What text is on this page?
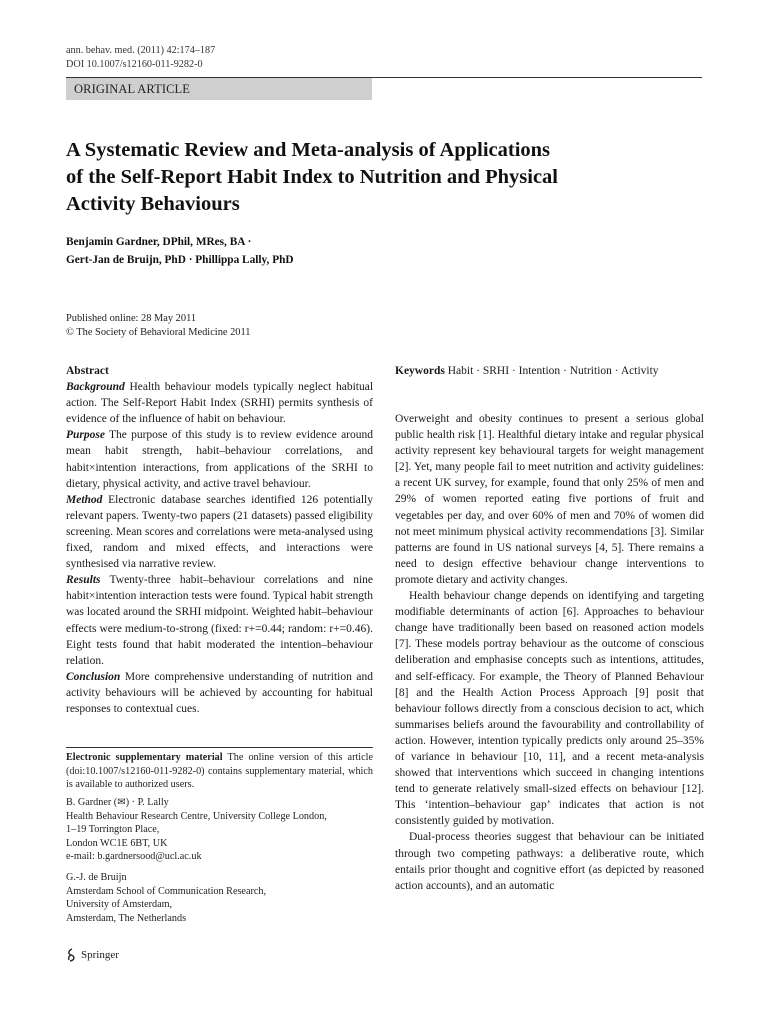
ann. behav. med. (2011) 42:174–187
DOI 10.1007/s12160-011-9282-0
ORIGINAL ARTICLE
A Systematic Review and Meta-analysis of Applications
of the Self-Report Habit Index to Nutrition and Physical
Activity Behaviours
Benjamin Gardner, DPhil, MRes, BA ·
Gert-Jan de Bruijn, PhD · Phillippa Lally, PhD
Published online: 28 May 2011
© The Society of Behavioral Medicine 2011

Abstract

Background Health behaviour models typically neglect habitual action. The Self-Report Habit Index (SRHI) permits synthesis of evidence of the influence of habit on behaviour.

Purpose The purpose of this study is to review evidence around mean habit strength, habit–behaviour correlations, and habit×intention interactions, from applications of the SRHI to dietary, physical activity, and active travel behaviour.

Method Electronic database searches identified 126 potentially relevant papers. Twenty-two papers (21 datasets) passed eligibility screening. Mean scores and correlations were meta-analysed using fixed, random and mixed effects, and interactions were synthesised via narrative review.

Results Twenty-three habit–behaviour correlations and nine habit×intention interaction tests were found. Typical habit strength was located around the SRHI midpoint. Weighted habit–behaviour effects were medium-to-strong (fixed: r+=0.44; random: r+=0.46). Eight tests found that habit moderated the intention–behaviour relation.

Conclusion More comprehensive understanding of nutrition and activity behaviours will be achieved by accounting for habitual responses to contextual cues.

Electronic supplementary material The online version of this article (doi:10.1007/s12160-011-9282-0) contains supplementary material, which is available to authorized users.

B. Gardner (✉) · P. Lally

Health Behaviour Research Centre, University College London,

1–19 Torrington Place,

London WC1E 6BT, UK

e-mail: b.gardnersood@ucl.ac.uk

G.-J. de Bruijn

Amsterdam School of Communication Research,

University of Amsterdam,

Amsterdam, The Netherlands

Keywords Habit · SRHI · Intention · Nutrition · Activity

Overweight and obesity continues to present a serious global public health risk [1]. Healthful dietary intake and regular physical activity represent key behavioural targets for weight management [2]. Yet, many people fail to meet nutrition and activity guidelines: a recent UK survey, for example, found that only 25% of men and 29% of women reported eating five portions of fruit and vegetables per day, and over 60% of men and 70% of women did not meet minimum physical activity recommendations [3]. Similar patterns are found in US national surveys [4, 5]. There remains a need to design effective behaviour change interventions to promote dietary and activity changes.

Health behaviour change depends on identifying and targeting modifiable determinants of action [6]. Approaches to behaviour change have traditionally been based on reasoned action models [7]. These models portray behaviour as the outcome of conscious deliberation and emphasise concepts such as intentions, attitudes, and self-efficacy. For example, the Theory of Planned Behaviour [8] and the Health Action Process Approach [9] posit that behaviour follows directly from a conscious decision to act, which summarises beliefs around the favourability and controllability of action. However, intention typically predicts only around 25–35% of variance in behaviour [10, 11], and a recent meta-analysis showed that interventions which succeed in changing intentions tend to generate relatively small-sized effects on behaviour [12]. This ‘intention–behaviour gap’ indicates that action is not consistently guided by motivation.

Dual-process theories suggest that behaviour can be initiated through two competing pathways: a deliberative route, which entails prior thought and cognitive effort (as depicted by reasoned action accounts), and an automatic

Springer
